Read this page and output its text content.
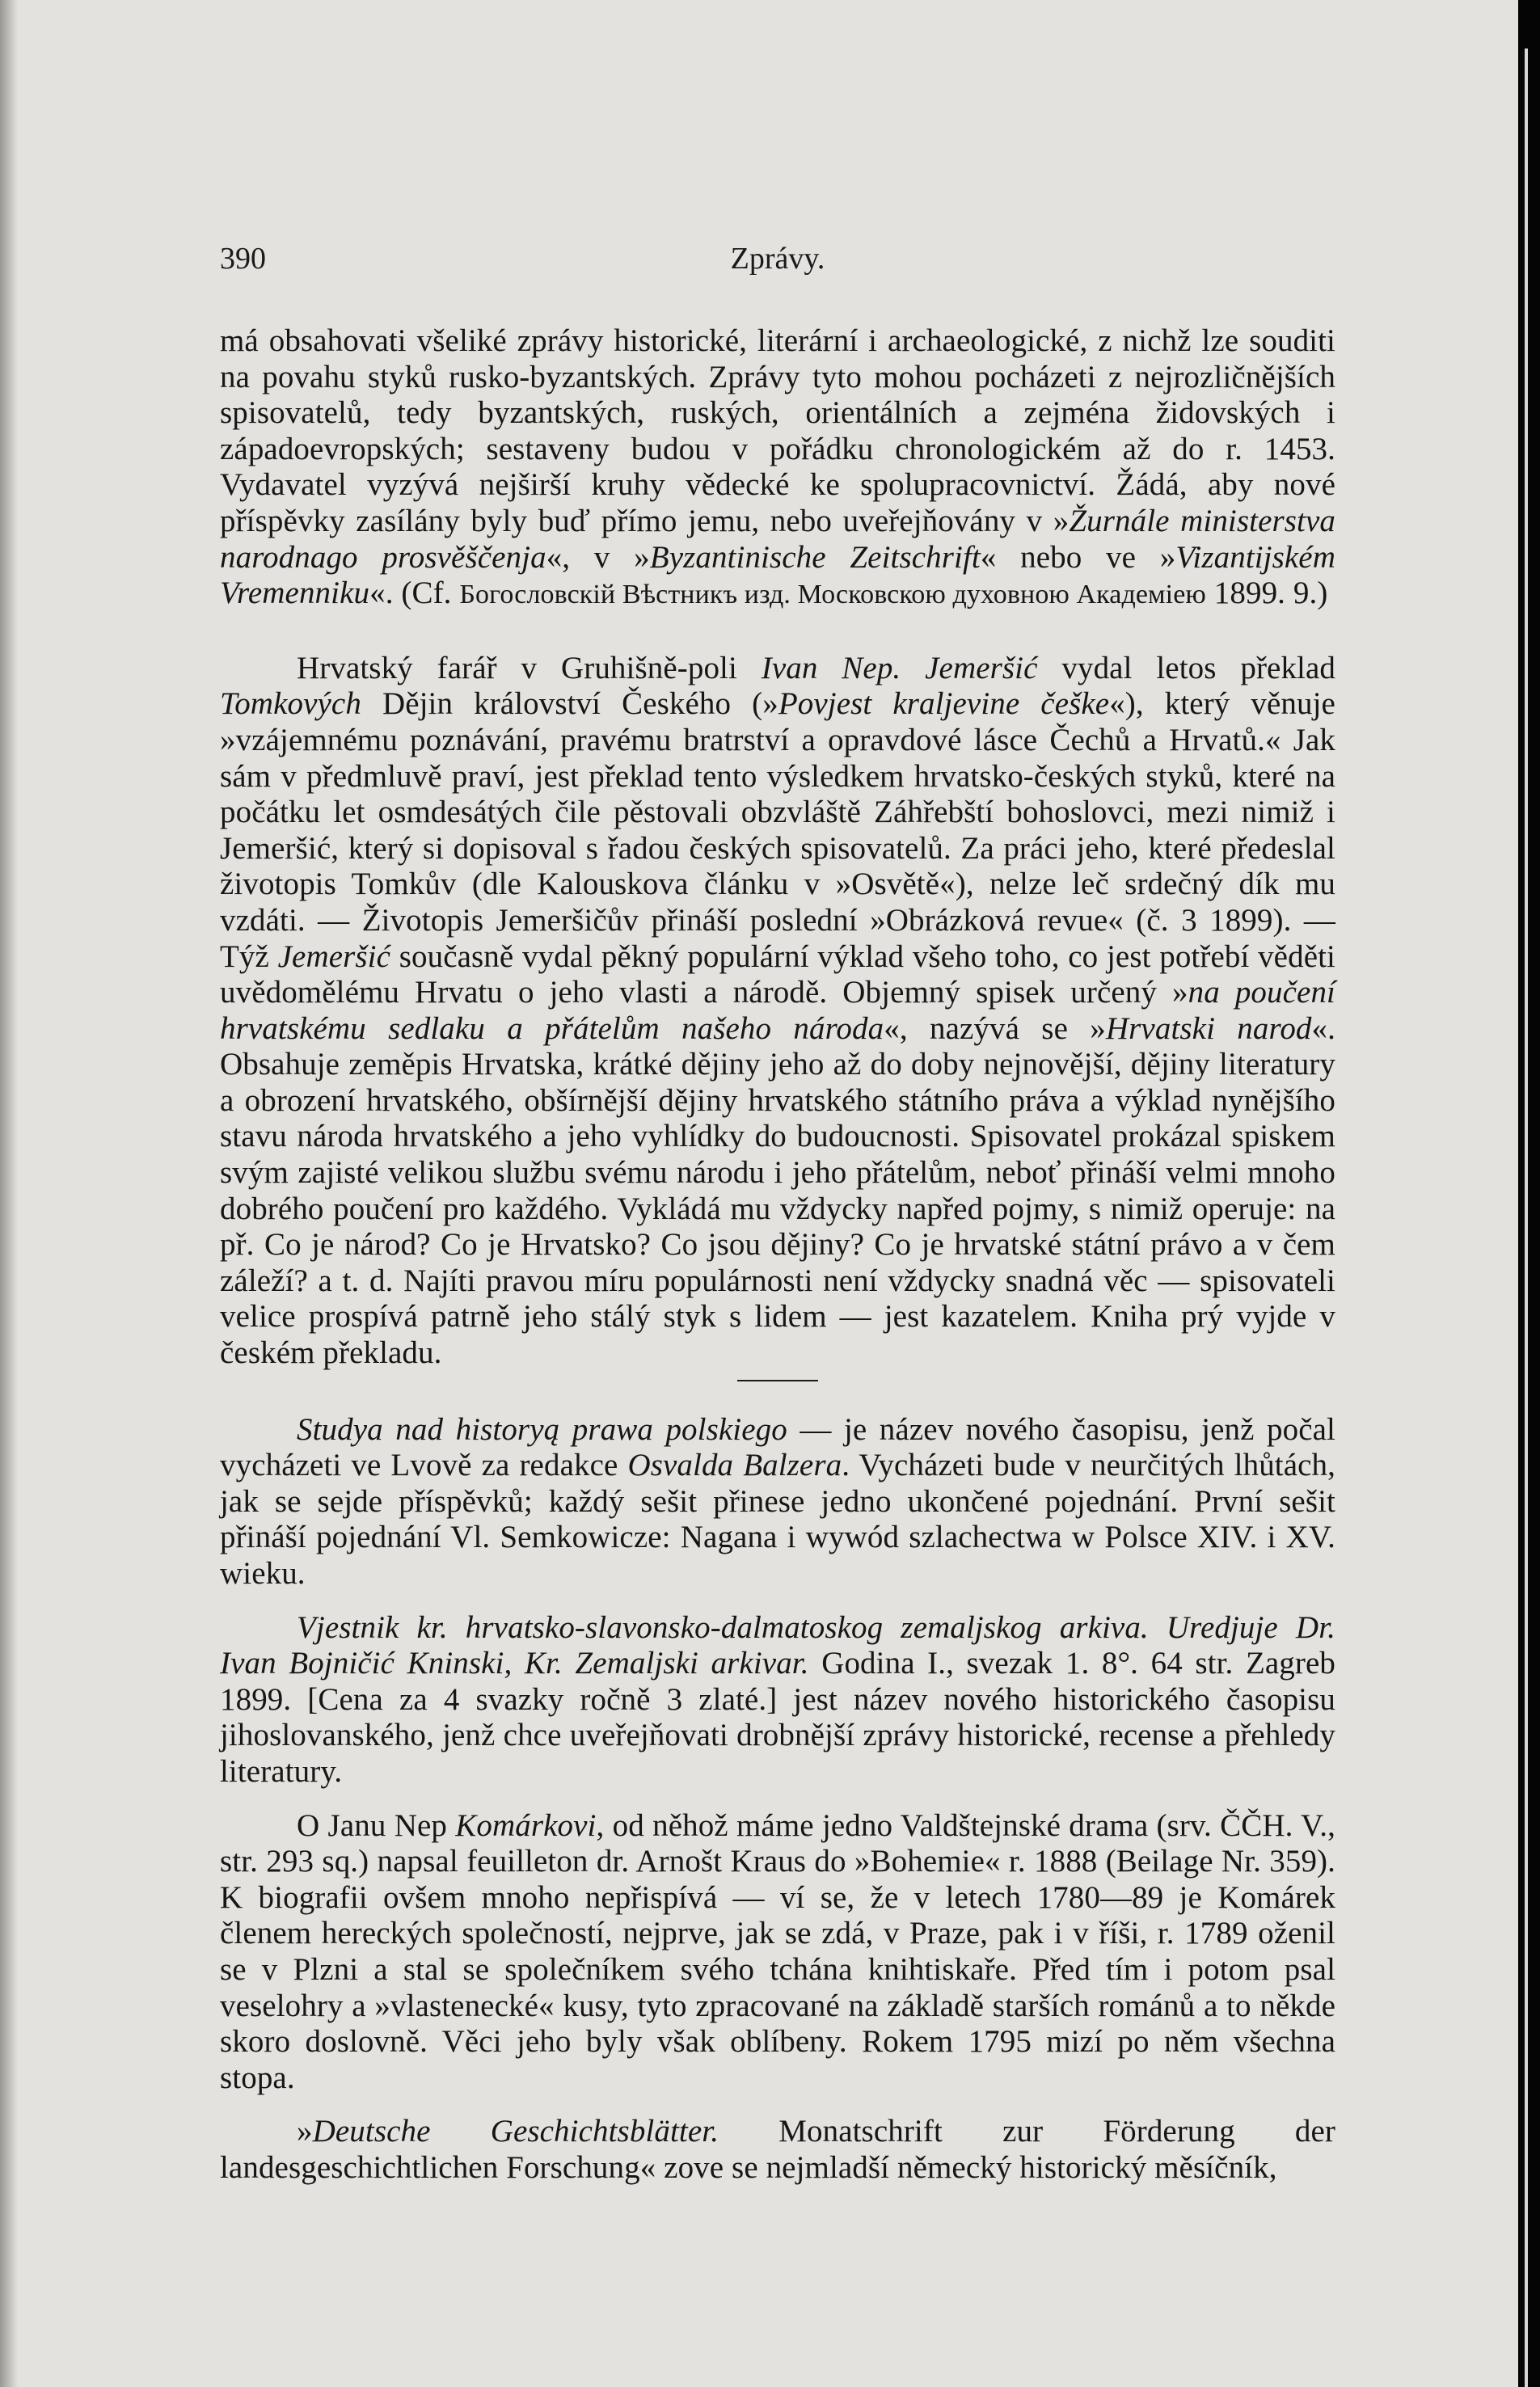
390	Zprávy.

má obsahovati všeliké zprávy historické, literární i archaeologické, z nichž lze souditi na povahu styků rusko-byzantských. Zprávy tyto mohou pocházeti z nejrozličnějších spisovatelů, tedy byzantských, ruských, orientálních a zejména židovských i západoevropských; sestaveny budou v pořádku chronologickém až do r. 1453. Vydavatel vyzývá nejširší kruhy vědecké ke spolupracovnictví. Žádá, aby nové příspěvky zasílány byly buď přímo jemu, nebo uveřejňovány v »Žurnále ministerstva narodnago prosvěščenja«, v »Byzantinische Zeitschrift« nebo ve »Vizantijském Vremenniku«. (Cf. Богословскій Вѣстникъ изд. Московскою духовною Академіею 1899. 9.)

Hrvatský farář v Gruhišně-poli Ivan Nep. Jemeršić vydal letos překlad Tomkových Dějin království Českého (»Povjest kraljevine češke«), který věnuje »vzájemnému poznávání, pravému bratrství a opravdové lásce Čechů a Hrvatů.« Jak sám v předmluvě praví, jest překlad tento výsledkem hrvatsko-českých styků, které na počátku let osmdesátých čile pěstovali obzvláště Záhřebští bohoslovci, mezi nimiž i Jemeršić, který si dopisoval s řadou českých spisovatelů. Za práci jeho, které předeslal životopis Tomkův (dle Kalouskova článku v »Osvětě«), nelze leč srdečný dík mu vzdáti. — Životopis Jemeršičův přináší poslední »Obrázková revue« (č. 3 1899). — Týž Jemeršić současně vydal pěkný populární výklad všeho toho, co jest potřebí věděti uvědomělému Hrvatu o jeho vlasti a národě. Objemný spisek určený »na poučení hrvatskému sedlaku a přátelům našeho národa«, nazývá se »Hrvatski narod«. Obsahuje zeměpis Hrvatska, krátké dějiny jeho až do doby nejnovější, dějiny literatury a obrození hrvatského, obšírnější dějiny hrvatského státního práva a výklad nynějšího stavu národa hrvatského a jeho vyhlídky do budoucnosti. Spisovatel prokázal spiskem svým zajisté velikou službu svému národu i jeho přátelům, neboť přináší velmi mnoho dobrého poučení pro každého. Vykládá mu vždycky napřed pojmy, s nimiž operuje: na př. Co je národ? Co je Hrvatsko? Co jsou dějiny? Co je hrvatské státní právo a v čem záleží? a t. d. Najíti pravou míru populárnosti není vždycky snadná věc — spisovateli velice prospívá patrně jeho stálý styk s lidem — jest kazatelem. Kniha prý vyjde v českém překladu.

Studya nad historyą prawa polskiego — je název nového časopisu, jenž počal vycházeti ve Lvově za redakce Osvalda Balzera. Vycházeti bude v neurčitých lhůtách, jak se sejde příspěvků; každý sešit přinese jedno ukončené pojednání. První sešit přináší pojednání Vl. Semkowicze: Nagana i wywód szlachectwa w Polsce XIV. i XV. wieku.

Vjestnik kr. hrvatsko-slavonsko-dalmatoskog zemaljskog arkiva. Uredjuje Dr. Ivan Bojničić Kninski, Kr. Zemaljski arkivar. Godina I., svezak 1. 8°. 64 str. Zagreb 1899. [Cena za 4 svazky ročně 3 zlaté.] jest název nového historického časopisu jihoslovanského, jenž chce uveřejňovati drobnější zprávy historické, recense a přehledy literatury.

O Janu Nep Komárkovi, od něhož máme jedno Valdštejnské drama (srv. ČČH. V., str. 293 sq.) napsal feuilleton dr. Arnošt Kraus do »Bohemie« r. 1888 (Beilage Nr. 359). K biografii ovšem mnoho nepřispívá — ví se, že v letech 1780—89 je Komárek členem hereckých společností, nejprve, jak se zdá, v Praze, pak i v říši, r. 1789 oženil se v Plzni a stal se společníkem svého tchána knihtiskaře. Před tím i potom psal veselohry a »vlastenecké« kusy, tyto zpracované na základě starších románů a to někde skoro doslovně. Věci jeho byly však oblíbeny. Rokem 1795 mizí po něm všechna stopa.

»Deutsche Geschichtsblätter. Monatschrift zur Förderung der landesgeschichtlichen Forschung« zove se nejmladší německý historický měsíčník,
